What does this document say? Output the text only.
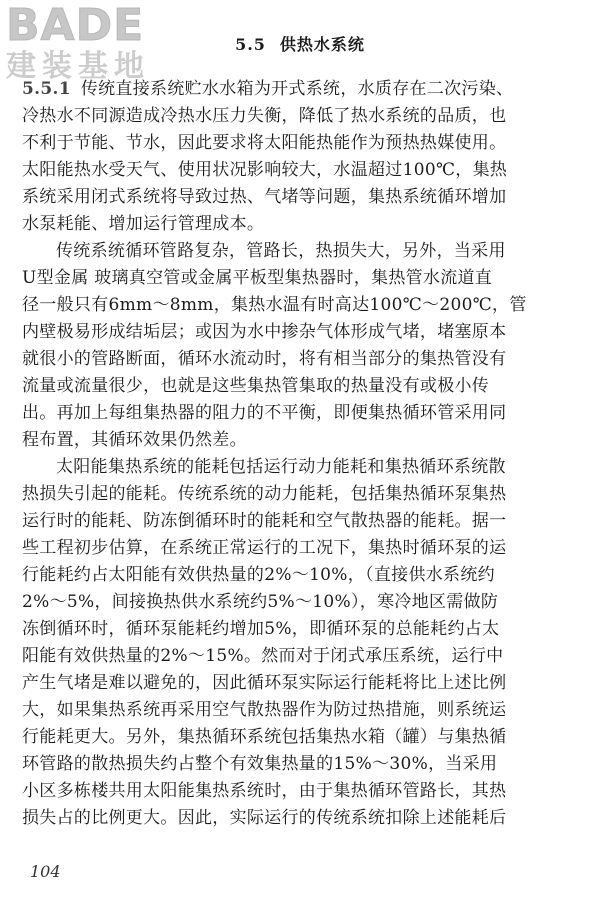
BADE
建装基地
5.5 供热水系统

5.5.1 传统直接系统贮水水箱为开式系统，水质存在二次污染、
冷热水不同源造成冷热水压力失衡，降低了热水系统的品质，也
不利于节能、节水，因此要求将太阳能热能作为预热热媒使用。
太阳能热水受天气、使用状况影响较大，水温超过100℃，集热
系统采用闭式系统将导致过热、气堵等问题，集热系统循环增加
水泵耗能、增加运行管理成本。

传统系统循环管路复杂，管路长，热损失大，另外，当采用
U型金属 玻璃真空管或金属平板型集热器时，集热管水流道直
径一般只有6mm～8mm，集热水温有时高达100℃～200℃，管
内壁极易形成结垢层；或因为水中掺杂气体形成气堵，堵塞原本
就很小的管路断面，循环水流动时，将有相当部分的集热管没有
流量或流量很少，也就是这些集热管集取的热量没有或极小传
出。再加上每组集热器的阻力的不平衡，即便集热循环管采用同
程布置，其循环效果仍然差。

太阳能集热系统的能耗包括运行动力能耗和集热循环系统散
热损失引起的能耗。传统系统的动力能耗，包括集热循环泵集热
运行时的能耗、防冻倒循环时的能耗和空气散热器的能耗。据一
些工程初步估算，在系统正常运行的工况下，集热时循环泵的运
行能耗约占太阳能有效供热量的2%～10%，（直接供水系统约
2%～5%，间接换热供水系统约5%～10%），寒冷地区需做防
冻倒循环时，循环泵能耗约增加5%，即循环泵的总能耗约占太
阳能有效供热量的2%～15%。然而对于闭式承压系统，运行中
产生气堵是难以避免的，因此循环泵实际运行能耗将比上述比例
大，如果集热系统再采用空气散热器作为防过热措施，则系统运
行能耗更大。另外，集热循环系统包括集热水箱（罐）与集热循
环管路的散热损失约占整个有效集热量的15%～30%，当采用
小区多栋楼共用太阳能集热系统时，由于集热循环管路长，其热
损失占的比例更大。因此，实际运行的传统系统扣除上述能耗后

104
